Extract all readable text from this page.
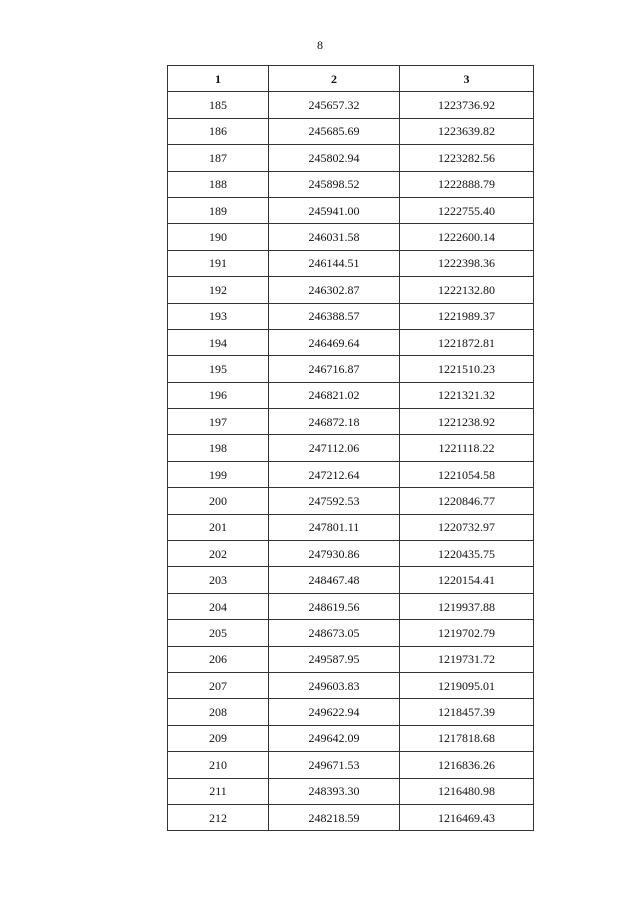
8
1	2	3
185	245657.32	1223736.92
186	245685.69	1223639.82
187	245802.94	1223282.56
188	245898.52	1222888.79
189	245941.00	1222755.40
190	246031.58	1222600.14
191	246144.51	1222398.36
192	246302.87	1222132.80
193	246388.57	1221989.37
194	246469.64	1221872.81
195	246716.87	1221510.23
196	246821.02	1221321.32
197	246872.18	1221238.92
198	247112.06	1221118.22
199	247212.64	1221054.58
200	247592.53	1220846.77
201	247801.11	1220732.97
202	247930.86	1220435.75
203	248467.48	1220154.41
204	248619.56	1219937.88
205	248673.05	1219702.79
206	249587.95	1219731.72
207	249603.83	1219095.01
208	249622.94	1218457.39
209	249642.09	1217818.68
210	249671.53	1216836.26
211	248393.30	1216480.98
212	248218.59	1216469.43
